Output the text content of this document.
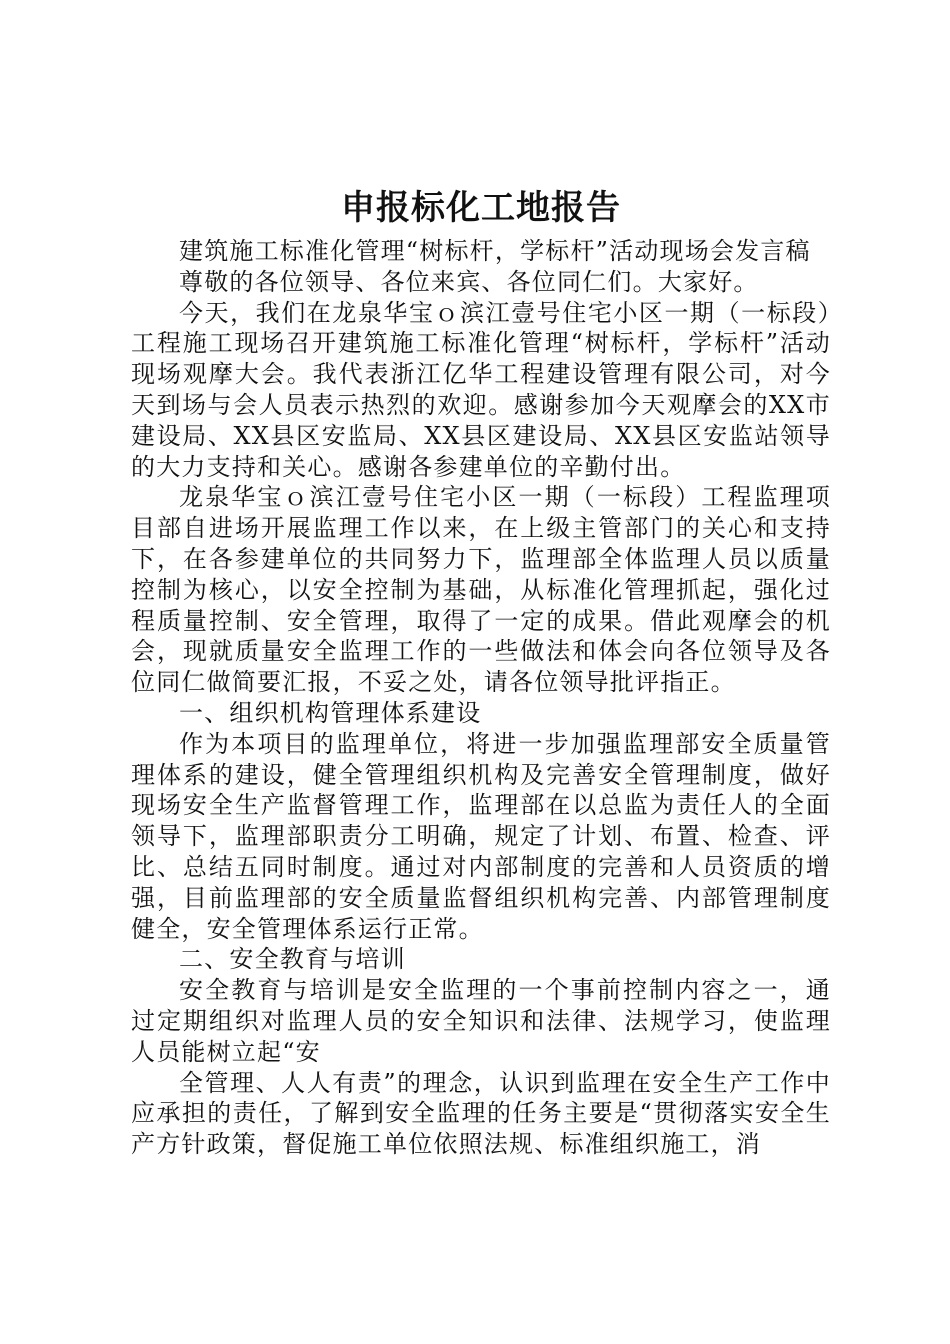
申报标化工地报告

建筑施工标准化管理“树标杆，学标杆”活动现场会发言稿

尊敬的各位领导、各位来宾、各位同仁们。大家好。

今天，我们在龙泉华宝ｏ滨江壹号住宅小区一期（一标段）工程施工现场召开建筑施工标准化管理“树标杆，学标杆”活动现场观摩大会。我代表浙江亿华工程建设管理有限公司，对今天到场与会人员表示热烈的欢迎。感谢参加今天观摩会的XX市建设局、XX县区安监局、XX县区建设局、XX县区安监站领导的大力支持和关心。感谢各参建单位的辛勤付出。

龙泉华宝ｏ滨江壹号住宅小区一期（一标段）工程监理项目部自进场开展监理工作以来，在上级主管部门的关心和支持下，在各参建单位的共同努力下，监理部全体监理人员以质量控制为核心，以安全控制为基础，从标准化管理抓起，强化过程质量控制、安全管理，取得了一定的成果。借此观摩会的机会，现就质量安全监理工作的一些做法和体会向各位领导及各位同仁做简要汇报，不妥之处，请各位领导批评指正。

一、组织机构管理体系建设

作为本项目的监理单位，将进一步加强监理部安全质量管理体系的建设，健全管理组织机构及完善安全管理制度，做好现场安全生产监督管理工作，监理部在以总监为责任人的全面领导下，监理部职责分工明确，规定了计划、布置、检查、评比、总结五同时制度。通过对内部制度的完善和人员资质的增强，目前监理部的安全质量监督组织机构完善、内部管理制度健全，安全管理体系运行正常。

二、安全教育与培训

安全教育与培训是安全监理的一个事前控制内容之一，通过定期组织对监理人员的安全知识和法律、法规学习，使监理人员能树立起“安

全管理、人人有责”的理念，认识到监理在安全生产工作中应承担的责任，了解到安全监理的任务主要是“贯彻落实安全生产方针政策，督促施工单位依照法规、标准组织施工，消
